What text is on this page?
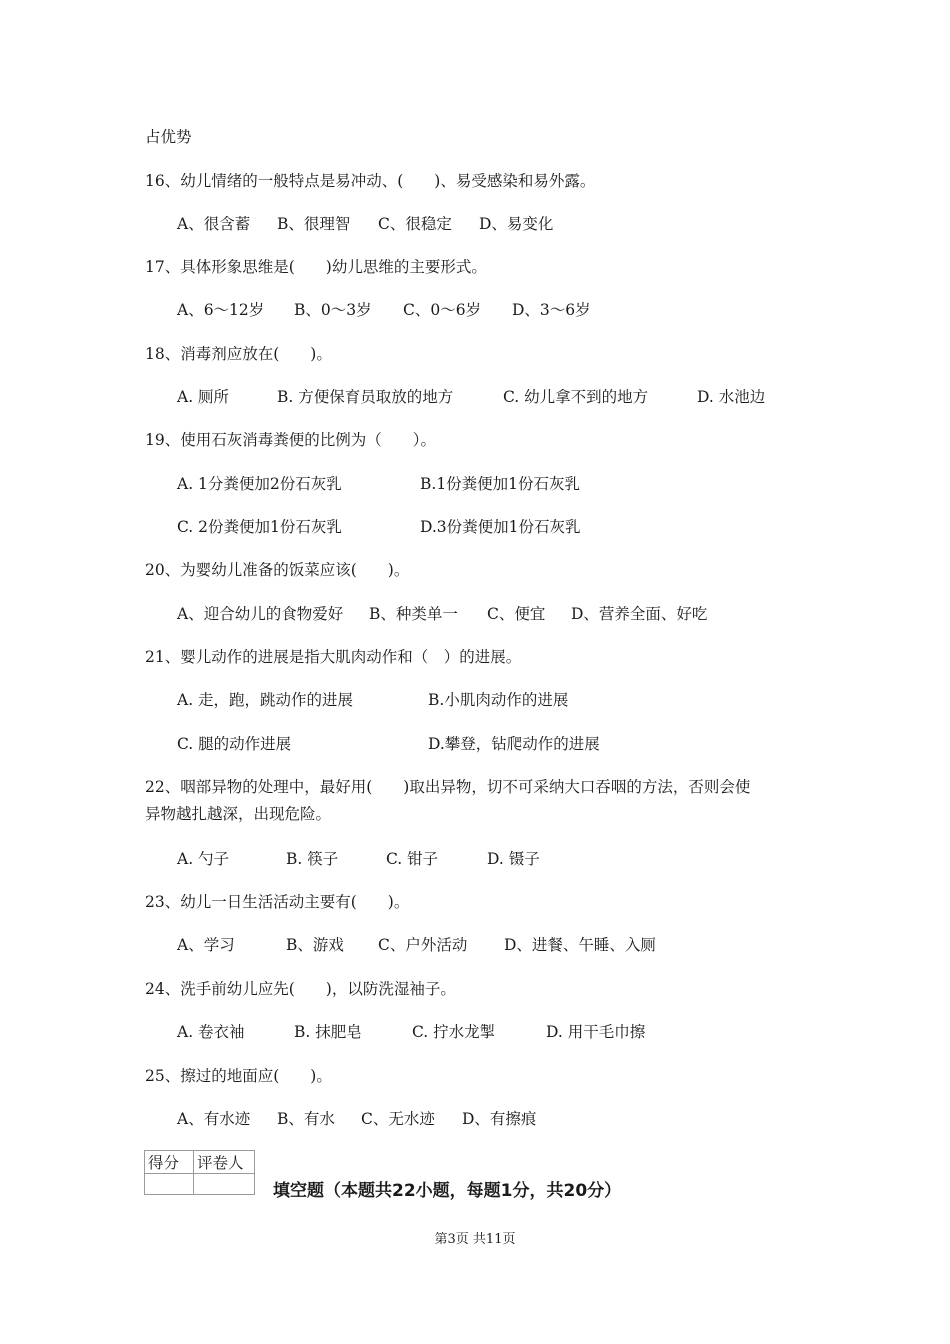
占优势
16、幼儿情绪的一般特点是易冲动、(　　)、易受感染和易外露。
A、很含蓄 B、很理智 C、很稳定 D、易变化
17、具体形象思维是(　　)幼儿思维的主要形式。
A、6～12岁 B、0～3岁 C、0～6岁 D、3～6岁
18、消毒剂应放在(　　)。
A. 厕所	B. 方便保育员取放的地方	C. 幼儿拿不到的地方	D. 水池边
19、使用石灰消毒粪便的比例为（　　）。
A. 1分粪便加2份石灰乳	B.1份粪便加1份石灰乳
C. 2份粪便加1份石灰乳	D.3份粪便加1份石灰乳
20、为婴幼儿准备的饭菜应该(　　)。
A、迎合幼儿的食物爱好 B、种类单一 C、便宜 D、营养全面、好吃
21、婴儿动作的进展是指大肌肉动作和（　）的进展。
A. 走，跑，跳动作的进展	B.小肌肉动作的进展
C. 腿的动作进展	D.攀登，钻爬动作的进展
22、咽部异物的处理中，最好用(　　)取出异物，切不可采纳大口吞咽的方法，否则会使
异物越扎越深，出现危险。
A. 勺子	B. 筷子	C. 钳子	D. 镊子
23、幼儿一日生活活动主要有(　　)。
A、学习	B、游戏 C、户外活动 D、进餐、午睡、入厕
24、洗手前幼儿应先(　　)，以防洗湿袖子。
A. 卷衣袖	B. 抹肥皂	C. 拧水龙掣	D. 用干毛巾擦
25、擦过的地面应(　　)。
A、有水迹 B、有水 C、无水迹 D、有擦痕
得分	评卷人

填空题（本题共22小题，每题1分，共20分）
第3页 共11页
